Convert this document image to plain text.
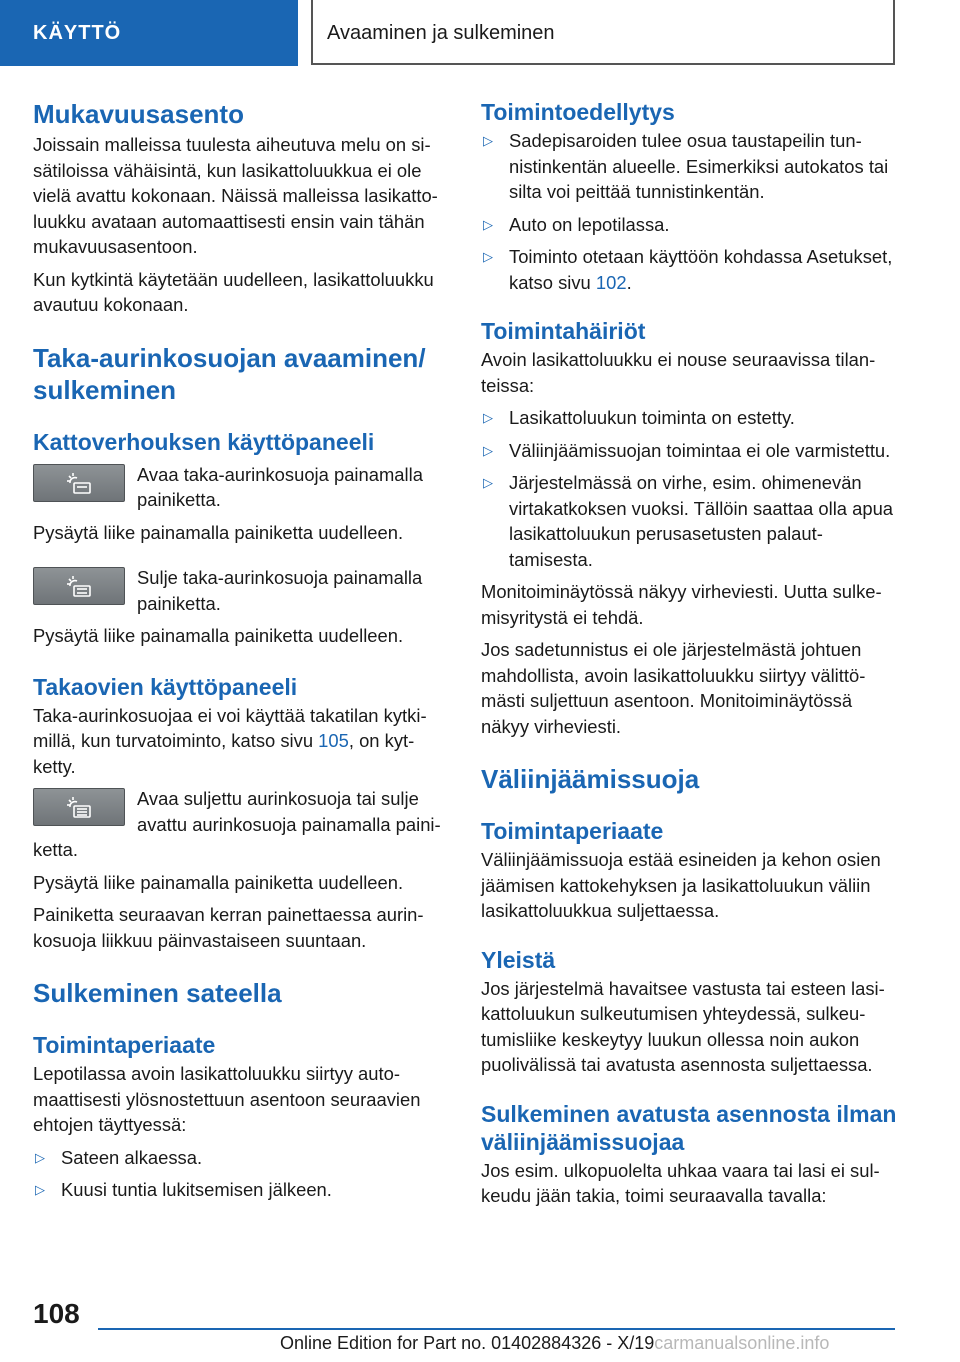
KÄYTTÖ	Avaaminen ja sulkeminen
Mukavuusasento

Joissain malleissa tuulesta aiheutuva melu on sisätiloissa vähäisintä, kun lasikattoluukkua ei ole vielä avattu kokonaan. Näissä malleissa lasikattoluukku avataan automaattisesti ensin vain tähän mukavuusasentoon.

Kun kytkintä käytetään uudelleen, lasikattoluukku avautuu kokonaan.

Taka-aurinkosuojan avaaminen/ sulkeminen
Kattoverhouksen käyttöpaneeli

Avaa taka-aurinkosuoja painamalla painiketta.

Pysäytä liike painamalla painiketta uudelleen.

Sulje taka-aurinkosuoja painamalla painiketta.

Pysäytä liike painamalla painiketta uudelleen.

Takaovien käyttöpaneeli

Taka-aurinkosuojaa ei voi käyttää takatilan kytkimillä, kun turvatoiminto, katso sivu 105, on kytketty.

Avaa suljettu aurinkosuoja tai sulje avattu aurinkosuoja painamalla painiketta.

Pysäytä liike painamalla painiketta uudelleen.

Painiketta seuraavan kerran painettaessa aurinkosuoja liikkuu päinvastaiseen suuntaan.

Sulkeminen sateella
Toimintaperiaate

Lepotilassa avoin lasikattoluukku siirtyy automaattisesti ylösnostettuun asentoon seuraavien ehtojen täyttyessä:

▷ Sateen alkaessa.
▷ Kuusi tuntia lukitsemisen jälkeen.
Toimintoedellytys
▷ Sadepisaroiden tulee osua taustapeilin tunnistinkentän alueelle. Esimerkiksi autokatos tai silta voi peittää tunnistinkentän.
▷ Auto on lepotilassa.
▷ Toiminto otetaan käyttöön kohdassa Asetukset, katso sivu 102.
Toimintahäiriöt

Avoin lasikattoluukku ei nouse seuraavissa tilanteissa:

▷ Lasikattoluukun toiminta on estetty.
▷ Väliinjäämissuojan toimintaa ei ole varmistettu.
▷ Järjestelmässä on virhe, esim. ohimenevän virtakatkoksen vuoksi. Tällöin saattaa olla apua lasikattoluukun perusasetusten palauttamisesta.

Monitoiminäytössä näkyy virheviesti. Uutta sulkemisyritystä ei tehdä.

Jos sadetunnistus ei ole järjestelmästä johtuen mahdollista, avoin lasikattoluukku siirtyy välittömästi suljettuun asentoon. Monitoiminäytössä näkyy virheviesti.

Väliinjäämissuoja
Toimintaperiaate

Väliinjäämissuoja estää esineiden ja kehon osien jäämisen kattokehyksen ja lasikattoluukun väliin lasikattoluukkua suljettaessa.

Yleistä

Jos järjestelmä havaitsee vastusta tai esteen lasikattoluukun sulkeutumisen yhteydessä, sulkeutumisliike keskeytyy luukun ollessa noin aukon puolivälissä tai avatusta asennosta suljettaessa.

Sulkeminen avatusta asennosta ilman väliinjäämissuojaa

Jos esim. ulkopuolelta uhkaa vaara tai lasi ei sulkeudu jään takia, toimi seuraavalla tavalla:

108
Online Edition for Part no. 01402884326 - X/19carmanualsonline.info
